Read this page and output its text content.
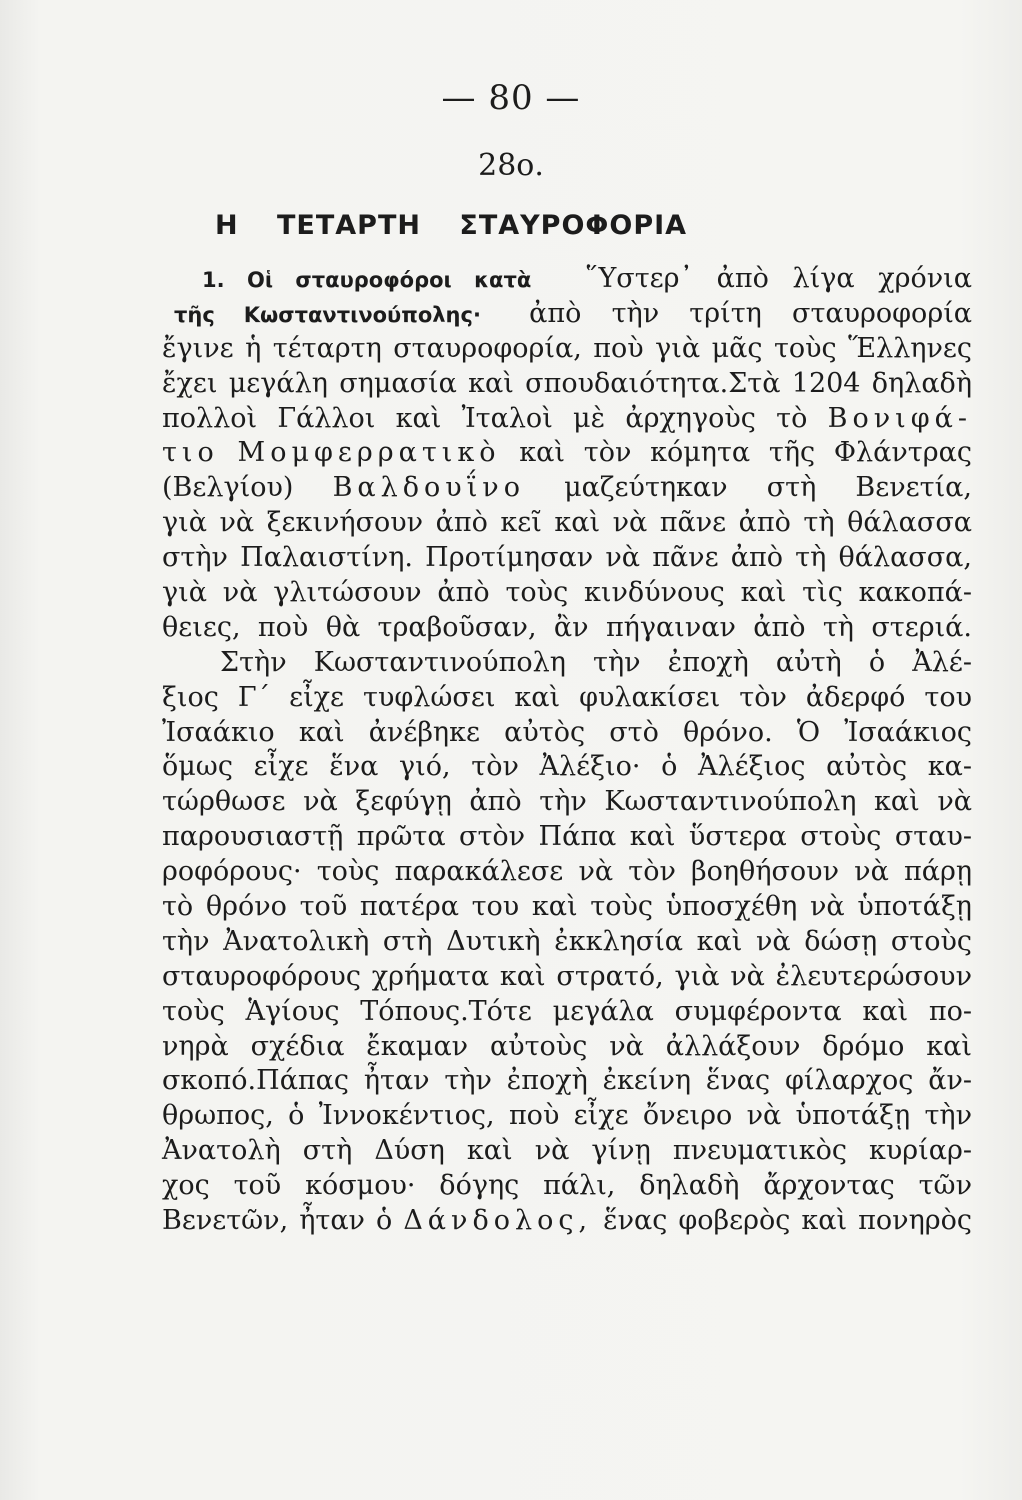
— 80 —
28ο.
Η ΤΕΤΑΡΤΗ ΣΤΑΥΡΟΦΟΡΙΑ
1. Οἱ σταυροφόροι κατὰ ῞Υστερ᾽ ἀπὸ λίγα χρόνια
τῆς Κωσταντινούπολης· ἀπὸ τὴν τρίτη σταυροφορία
ἔγινε ἡ τέταρτη σταυροφορία, ποὺ γιὰ μᾶς τοὺς Ἕλληνες
ἔχει μεγάλη σημασία καὶ σπουδαιότητα.Στὰ 1204 δηλαδὴ
πολλοὶ Γάλλοι καὶ Ἰταλοὶ μὲ ἀρχηγοὺς τὸ Βονιφά-
τιο Μομφερρατικὸ καὶ τὸν κόμητα τῆς Φλάντρας
(Βελγίου) Βαλδουΐνο μαζεύτηκαν στὴ Βενετία,
γιὰ νὰ ξεκινήσουν ἀπὸ κεῖ καὶ νὰ πᾶνε ἀπὸ τὴ θάλασσα
στὴν Παλαιστίνη. Προτίμησαν νὰ πᾶνε ἀπὸ τὴ θάλασσα,
γιὰ νὰ γλιτώσουν ἀπὸ τοὺς κινδύνους καὶ τὶς κακοπά-
θειες, ποὺ θὰ τραβοῦσαν, ἂν πήγαιναν ἀπὸ τὴ στεριά.
Στὴν Κωσταντινούπολη τὴν ἐποχὴ αὐτὴ ὁ Ἀλέ-
ξιος Γ´ εἶχε τυφλώσει καὶ φυλακίσει τὸν ἀδερφό του
Ἰσαάκιο καὶ ἀνέβηκε αὐτὸς στὸ θρόνο. Ὁ Ἰσαάκιος
ὅμως εἶχε ἕνα γιό, τὸν Ἀλέξιο· ὁ Ἀλέξιος αὐτὸς κα-
τώρθωσε νὰ ξεφύγῃ ἀπὸ τὴν Κωσταντινούπολη καὶ νὰ
παρουσιαστῇ πρῶτα στὸν Πάπα καὶ ὕστερα στοὺς σταυ-
ροφόρους· τοὺς παρακάλεσε νὰ τὸν βοηθήσουν νὰ πάρῃ
τὸ θρόνο τοῦ πατέρα του καὶ τοὺς ὑποσχέθη νὰ ὑποτάξῃ
τὴν Ἀνατολικὴ στὴ Δυτικὴ ἐκκλησία καὶ νὰ δώσῃ στοὺς
σταυροφόρους χρήματα καὶ στρατό, γιὰ νὰ ἐλευτερώσουν
τοὺς Ἁγίους Τόπους.Τότε μεγάλα συμφέροντα καὶ πο-
νηρὰ σχέδια ἔκαμαν αὐτοὺς νὰ ἀλλάξουν δρόμο καὶ
σκοπό.Πάπας ἦταν τὴν ἐποχὴ ἐκείνη ἕνας φίλαρχος ἄν-
θρωπος, ὁ Ἰννοκέντιος, ποὺ εἶχε ὄνειρο νὰ ὑποτάξῃ τὴν
Ἀνατολὴ στὴ Δύση καὶ νὰ γίνῃ πνευματικὸς κυρίαρ-
χος τοῦ κόσμου· δόγης πάλι, δηλαδὴ ἄρχοντας τῶν
Βενετῶν, ἦταν ὁ Δάνδολος, ἕνας φοβερὸς καὶ πονηρὸς
